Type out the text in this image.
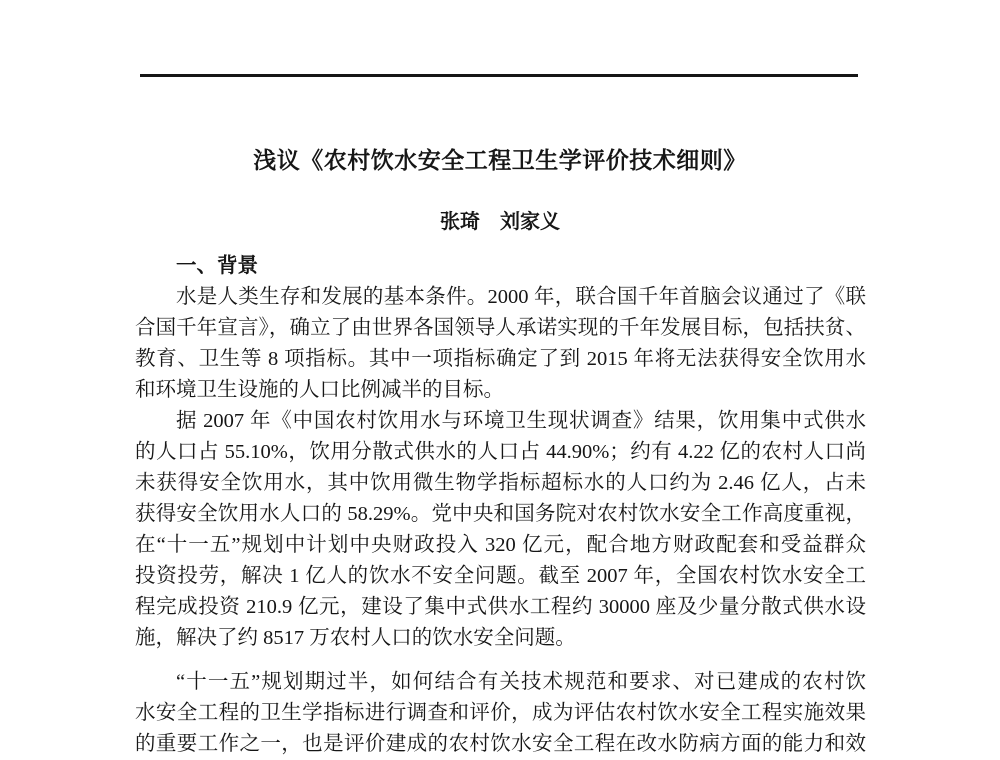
浅议《农村饮水安全工程卫生学评价技术细则》
张琦　刘家义
一、背景
水是人类生存和发展的基本条件。2000 年，联合国千年首脑会议通过了《联
合国千年宣言》，确立了由世界各国领导人承诺实现的千年发展目标，包括扶贫、
教育、卫生等 8 项指标。其中一项指标确定了到 2015 年将无法获得安全饮用水
和环境卫生设施的人口比例减半的目标。
据 2007 年《中国农村饮用水与环境卫生现状调查》结果，饮用集中式供水
的人口占 55.10%，饮用分散式供水的人口占 44.90%；约有 4.22 亿的农村人口尚
未获得安全饮用水，其中饮用微生物学指标超标水的人口约为 2.46 亿人，占未
获得安全饮用水人口的 58.29%。党中央和国务院对农村饮水安全工作高度重视，
在“十一五”规划中计划中央财政投入 320 亿元，配合地方财政配套和受益群众
投资投劳，解决 1 亿人的饮水不安全问题。截至 2007 年，全国农村饮水安全工
程完成投资 210.9 亿元，建设了集中式供水工程约 30000 座及少量分散式供水设
施，解决了约 8517 万农村人口的饮水安全问题。
“十一五”规划期过半，如何结合有关技术规范和要求、对已建成的农村饮
水安全工程的卫生学指标进行调查和评价，成为评估农村饮水安全工程实施效果
的重要工作之一，也是评价建成的农村饮水安全工程在改水防病方面的能力和效
